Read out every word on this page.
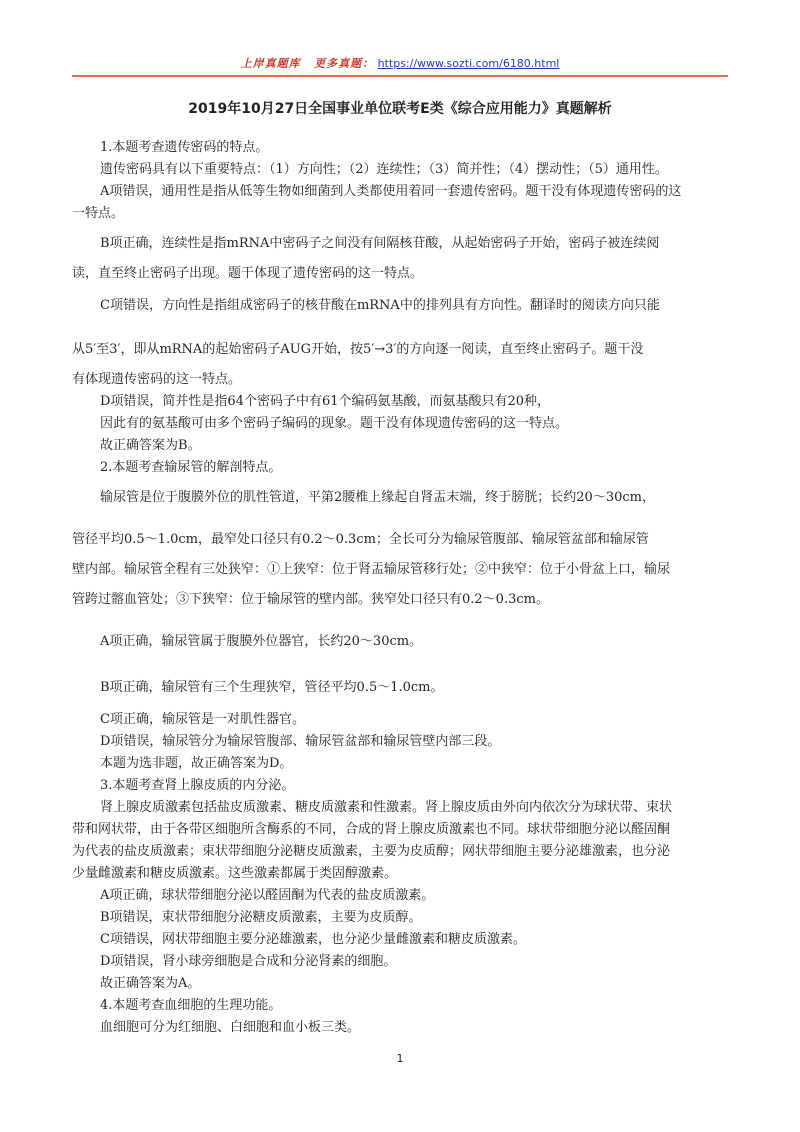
上岸真题库 更多真题： https://www.sozti.com/6180.html
2019年10月27日全国事业单位联考E类《综合应用能力》真题解析
1.本题考查遗传密码的特点。
遗传密码具有以下重要特点：（1）方向性；（2）连续性；（3）简并性；（4）摆动性；（5）通用性。
A项错误，通用性是指从低等生物如细菌到人类都使用着同一套遗传密码。题干没有体现遗传密码的这
一特点。
B项正确，连续性是指mRNA中密码子之间没有间隔核苷酸，从起始密码子开始，密码子被连续阅
读，直至终止密码子出现。题干体现了遗传密码的这一特点。
C项错误，方向性是指组成密码子的核苷酸在mRNA中的排列具有方向性。翻译时的阅读方向只能
从5′至3′，即从mRNA的起始密码子AUG开始，按5′→3′的方向逐一阅读，直至终止密码子。题干没
有体现遗传密码的这一特点。
D项错误，简并性是指64个密码子中有61个编码氨基酸，而氨基酸只有20种，
因此有的氨基酸可由多个密码子编码的现象。题干没有体现遗传密码的这一特点。
故正确答案为B。
2.本题考查输尿管的解剖特点。
输尿管是位于腹膜外位的肌性管道，平第2腰椎上缘起自肾盂末端，终于膀胱；长约20～30cm，
管径平均0.5～1.0cm，最窄处口径只有0.2～0.3cm；全长可分为输尿管腹部、输尿管盆部和输尿管
壁内部。输尿管全程有三处狭窄：①上狭窄：位于肾盂输尿管移行处；②中狭窄：位于小骨盆上口，输尿
管跨过髂血管处；③下狭窄：位于输尿管的壁内部。狭窄处口径只有0.2～0.3cm。
A项正确，输尿管属于腹膜外位器官，长约20～30cm。
B项正确，输尿管有三个生理狭窄，管径平均0.5～1.0cm。
C项正确，输尿管是一对肌性器官。
D项错误，输尿管分为输尿管腹部、输尿管盆部和输尿管壁内部三段。
本题为选非题，故正确答案为D。
3.本题考查肾上腺皮质的内分泌。
肾上腺皮质激素包括盐皮质激素、糖皮质激素和性激素。肾上腺皮质由外向内依次分为球状带、束状
带和网状带，由于各带区细胞所含酶系的不同，合成的肾上腺皮质激素也不同。球状带细胞分泌以醛固酮
为代表的盐皮质激素；束状带细胞分泌糖皮质激素，主要为皮质醇；网状带细胞主要分泌雄激素，也分泌
少量雌激素和糖皮质激素。这些激素都属于类固醇激素。
A项正确，球状带细胞分泌以醛固酮为代表的盐皮质激素。
B项错误，束状带细胞分泌糖皮质激素，主要为皮质醇。
C项错误，网状带细胞主要分泌雄激素，也分泌少量雌激素和糖皮质激素。
D项错误，肾小球旁细胞是合成和分泌肾素的细胞。
故正确答案为A。
4.本题考查血细胞的生理功能。
血细胞可分为红细胞、白细胞和血小板三类。
1
